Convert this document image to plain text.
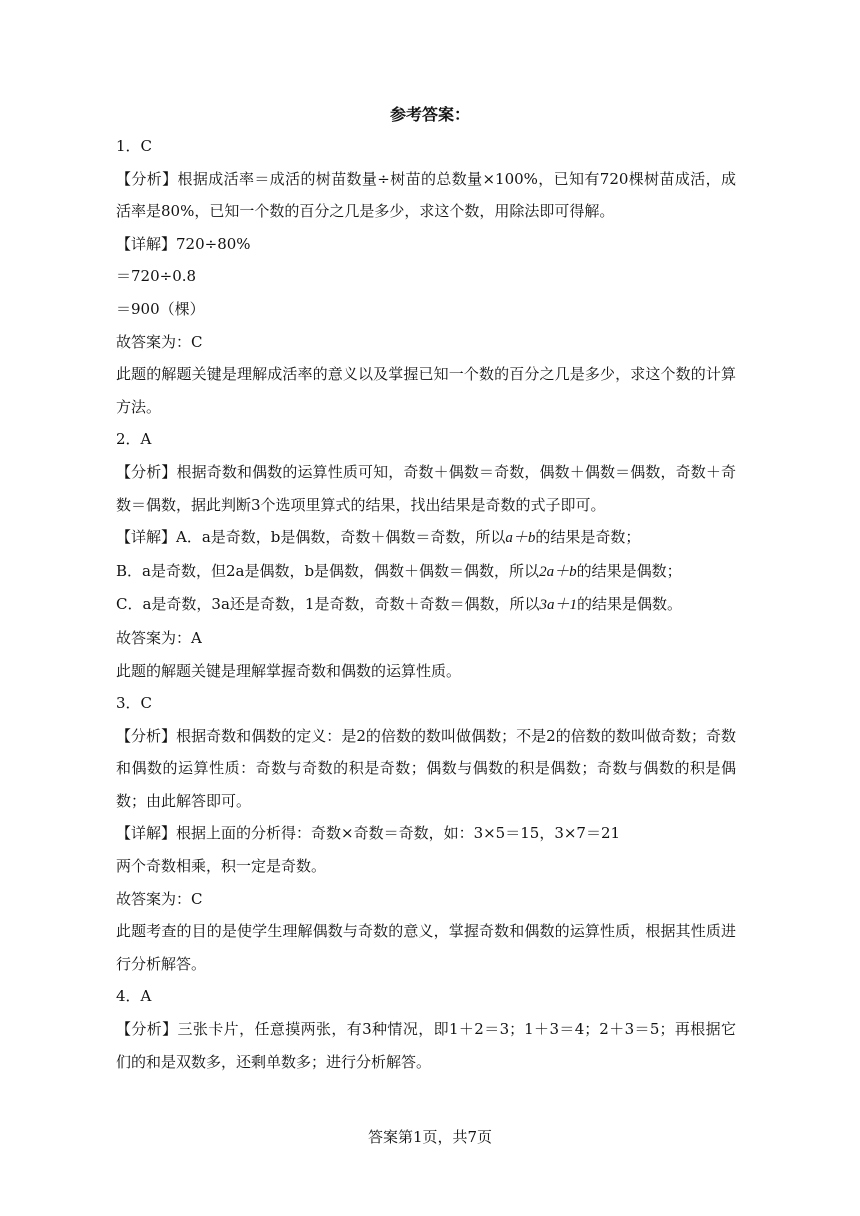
参考答案：

1．C

【分析】根据成活率＝成活的树苗数量÷树苗的总数量×100%，已知有720棵树苗成活，成活率是80%，已知一个数的百分之几是多少，求这个数，用除法即可得解。

【详解】720÷80%

＝720÷0.8

＝900（棵）

故答案为：C

此题的解题关键是理解成活率的意义以及掌握已知一个数的百分之几是多少，求这个数的计算方法。

2．A

【分析】根据奇数和偶数的运算性质可知，奇数＋偶数＝奇数，偶数＋偶数＝偶数，奇数＋奇数＝偶数，据此判断3个选项里算式的结果，找出结果是奇数的式子即可。

【详解】A．a是奇数，b是偶数，奇数＋偶数＝奇数，所以a＋b的结果是奇数；

B．a是奇数，但2a是偶数，b是偶数，偶数＋偶数＝偶数，所以2a＋b的结果是偶数；

C．a是奇数，3a还是奇数，1是奇数，奇数＋奇数＝偶数，所以3a＋1的结果是偶数。

故答案为：A

此题的解题关键是理解掌握奇数和偶数的运算性质。

3．C

【分析】根据奇数和偶数的定义：是2的倍数的数叫做偶数；不是2的倍数的数叫做奇数；奇数和偶数的运算性质：奇数与奇数的积是奇数；偶数与偶数的积是偶数；奇数与偶数的积是偶数；由此解答即可。

【详解】根据上面的分析得：奇数×奇数＝奇数，如：3×5＝15，3×7＝21

两个奇数相乘，积一定是奇数。

故答案为：C

此题考查的目的是使学生理解偶数与奇数的意义，掌握奇数和偶数的运算性质，根据其性质进行分析解答。

4．A

【分析】三张卡片，任意摸两张，有3种情况，即1＋2＝3；1＋3＝4；2＋3＝5；再根据它们的和是双数多，还剩单数多；进行分析解答。

答案第1页，共7页
